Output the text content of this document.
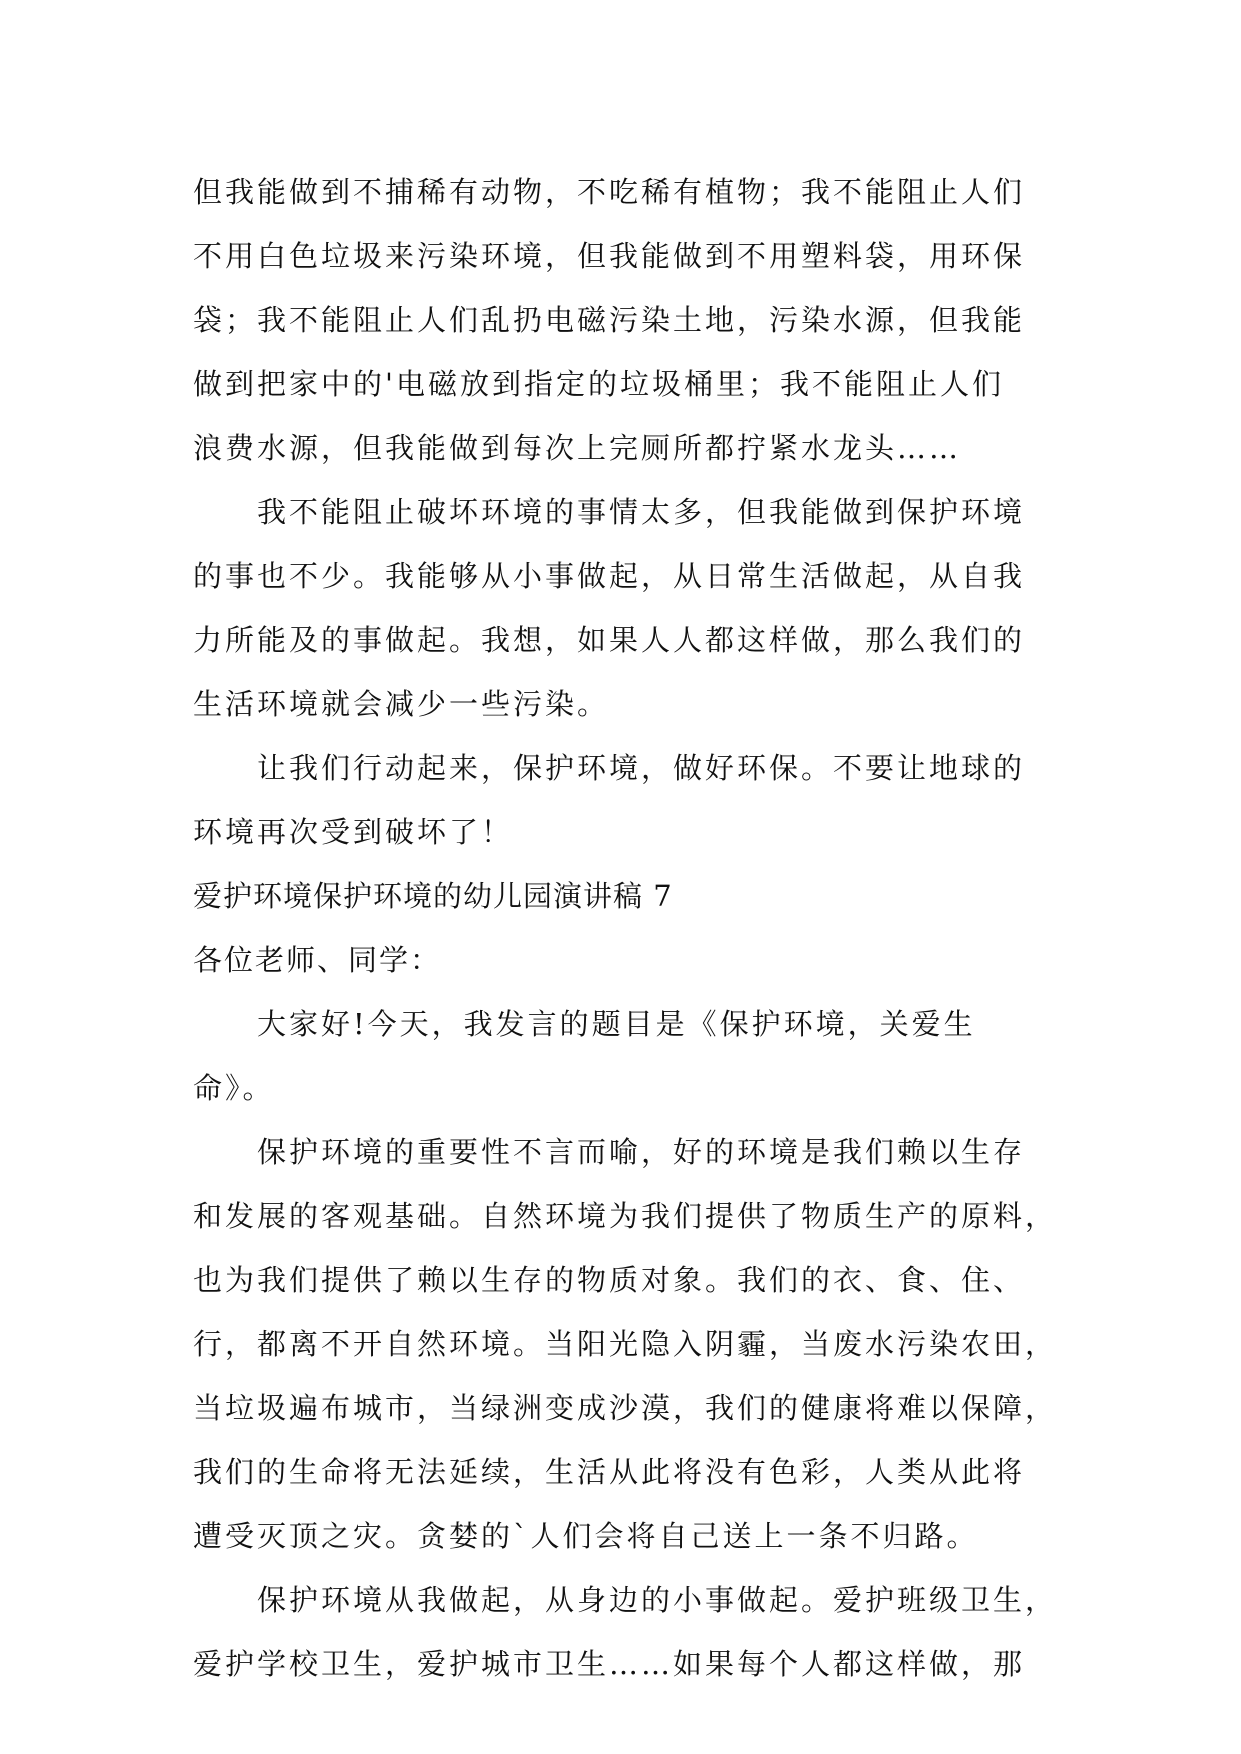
但我能做到不捕稀有动物，不吃稀有植物；我不能阻止人们
不用白色垃圾来污染环境，但我能做到不用塑料袋，用环保
袋；我不能阻止人们乱扔电磁污染土地，污染水源，但我能
做到把家中的'电磁放到指定的垃圾桶里；我不能阻止人们
浪费水源，但我能做到每次上完厕所都拧紧水龙头……
　　我不能阻止破坏环境的事情太多，但我能做到保护环境
的事也不少。我能够从小事做起，从日常生活做起，从自我
力所能及的事做起。我想，如果人人都这样做，那么我们的
生活环境就会减少一些污染。
　　让我们行动起来，保护环境，做好环保。不要让地球的
环境再次受到破坏了！
爱护环境保护环境的幼儿园演讲稿 7
各位老师、同学：
　　大家好!今天，我发言的题目是《保护环境，关爱生
命》。
　　保护环境的重要性不言而喻，好的环境是我们赖以生存
和发展的客观基础。自然环境为我们提供了物质生产的原料，
也为我们提供了赖以生存的物质对象。我们的衣、食、住、
行，都离不开自然环境。当阳光隐入阴霾，当废水污染农田，
当垃圾遍布城市，当绿洲变成沙漠，我们的健康将难以保障，
我们的生命将无法延续，生活从此将没有色彩，人类从此将
遭受灭顶之灾。贪婪的`人们会将自己送上一条不归路。
　　保护环境从我做起，从身边的小事做起。爱护班级卫生，
爱护学校卫生，爱护城市卫生……如果每个人都这样做，那
